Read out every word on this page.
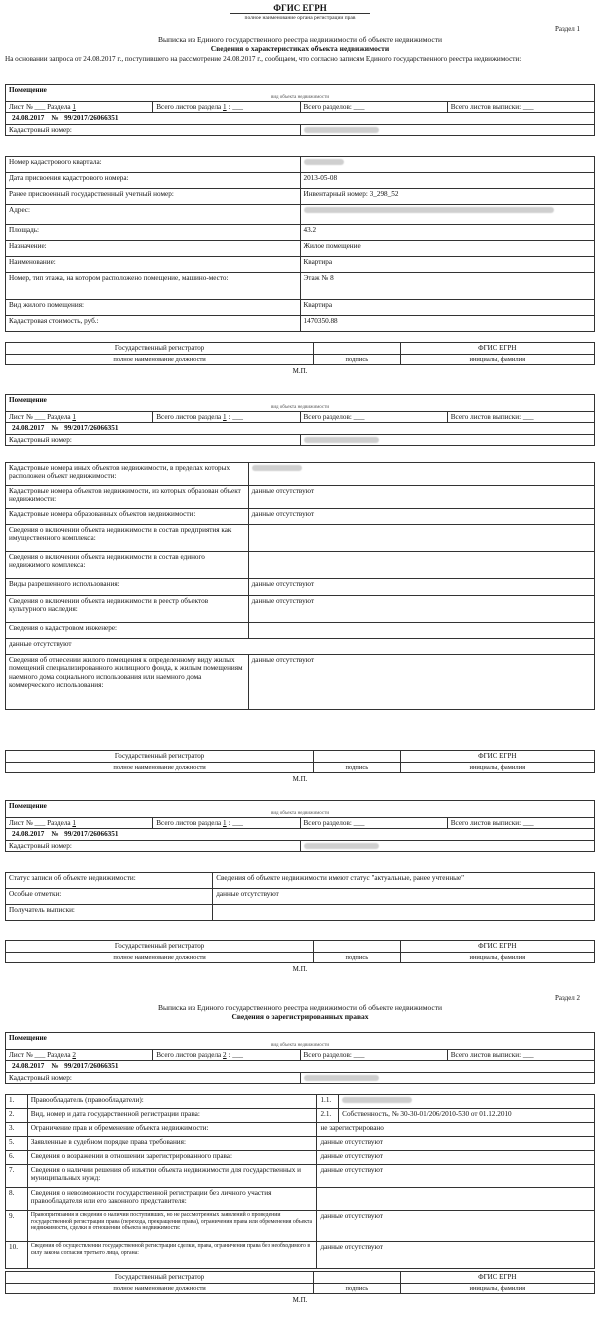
ФГИС ЕГРН
полное наименование органа регистрации прав
Раздел 1
Выписка из Единого государственного реестра недвижимости об объекте недвижимости
Сведения о характеристиках объекта недвижимости
На основании запроса от 24.08.2017 г., поступившего на рассмотрение 24.08.2017 г., сообщаем, что согласно записям Единого государственного реестра недвижимости:
Помещение			
вид объекта недвижимости			
Лист № ___ Раздела 1	Всего листов раздела 1 : ___	Всего разделов: ___	Всего листов выписки: ___
24.08.2017 № 99/2017/26066351			
Кадастровый номер:	

Номер кадастрового квартала:	
Дата присвоения кадастрового номера:	2013-05-08
Ранее присвоенный государственный учетный номер:	Инвентарный номер: 3_298_52
Адрес:	
Площадь:	43.2
Назначение:	Жилое помещение
Наименование:	Квартира
Номер, тип этажа, на котором расположено помещение, машино-место:	Этаж № 8
Вид жилого помещения:	Квартира
Кадастровая стоимость, руб.:	1470350.88
Государственный регистратор		ФГИС ЕГРН
полное наименование должности	подпись	инициалы, фамилия
М.П.
Помещение			
вид объекта недвижимости			
Лист № ___ Раздела 1	Всего листов раздела 1 : ___	Всего разделов: ___	Всего листов выписки: ___
24.08.2017 № 99/2017/26066351			
Кадастровый номер:	
Кадастровые номера иных объектов недвижимости, в пределах которых расположен объект недвижимости:	
Кадастровые номера объектов недвижимости, из которых образован объект недвижимости:	данные отсутствуют
Кадастровые номера образованных объектов недвижимости:	данные отсутствуют
Сведения о включении объекта недвижимости в состав предприятия как имущественного комплекса:	
Сведения о включении объекта недвижимости в состав единого недвижимого комплекса:	
Виды разрешенного использования:	данные отсутствуют
Сведения о включении объекта недвижимости в реестр объектов культурного наследия:	данные отсутствуют
Сведения о кадастровом инженере:	
данные отсутствуют	
Сведения об отнесении жилого помещения к определенному виду жилых помещений специализированного жилищного фонда, к жилым помещениям наемного дома социального использования или наемного дома коммерческого использования:	данные отсутствуют
Государственный регистратор		ФГИС ЕГРН
полное наименование должности	подпись	инициалы, фамилия
М.П.
Помещение			
вид объекта недвижимости			
Лист № ___ Раздела 1	Всего листов раздела 1 : ___	Всего разделов: ___	Всего листов выписки: ___
24.08.2017 № 99/2017/26066351			
Кадастровый номер:	
Статус записи об объекте недвижимости:	Сведения об объекте недвижимости имеют статус "актуальные, ранее учтенные"
Особые отметки:	данные отсутствуют
Получатель выписки:	
Государственный регистратор		ФГИС ЕГРН
полное наименование должности	подпись	инициалы, фамилия
М.П.
Раздел 2
Выписка из Единого государственного реестра недвижимости об объекте недвижимости
Сведения о зарегистрированных правах
Помещение			
вид объекта недвижимости			
Лист № ___ Раздела 2	Всего листов раздела 2 : ___	Всего разделов: ___	Всего листов выписки: ___
24.08.2017 № 99/2017/26066351			
Кадастровый номер:	
1.	Правообладатель (правообладатели):	1.1.	
2.	Вид, номер и дата государственной регистрации права:	2.1.	Собственность, № 30-30-01/206/2010-530 от 01.12.2010
3.	Ограничение прав и обременение объекта недвижимости:	не зарегистрировано	
5.	Заявленные в судебном порядке права требования:	данные отсутствуют	
6.	Сведения о возражении в отношении зарегистрированного права:	данные отсутствуют	
7.	Сведения о наличии решения об изъятии объекта недвижимости для государственных и муниципальных нужд:	данные отсутствуют	
8.	Сведения о невозможности государственной регистрации без личного участия правообладателя или его законного представителя:		
9.	Правопритязания и сведения о наличии поступивших, но не рассмотренных заявлений о проведении государственной регистрации права (перехода, прекращения права), ограничения права или обременения объекта недвижимости, сделки в отношении объекта недвижимости:	данные отсутствуют	
10.	Сведения об осуществлении государственной регистрации сделки, права, ограничения права без необходимого в силу закона согласия третьего лица, органа:	данные отсутствуют	
Государственный регистратор		ФГИС ЕГРН
полное наименование должности	подпись	инициалы, фамилия
М.П.
